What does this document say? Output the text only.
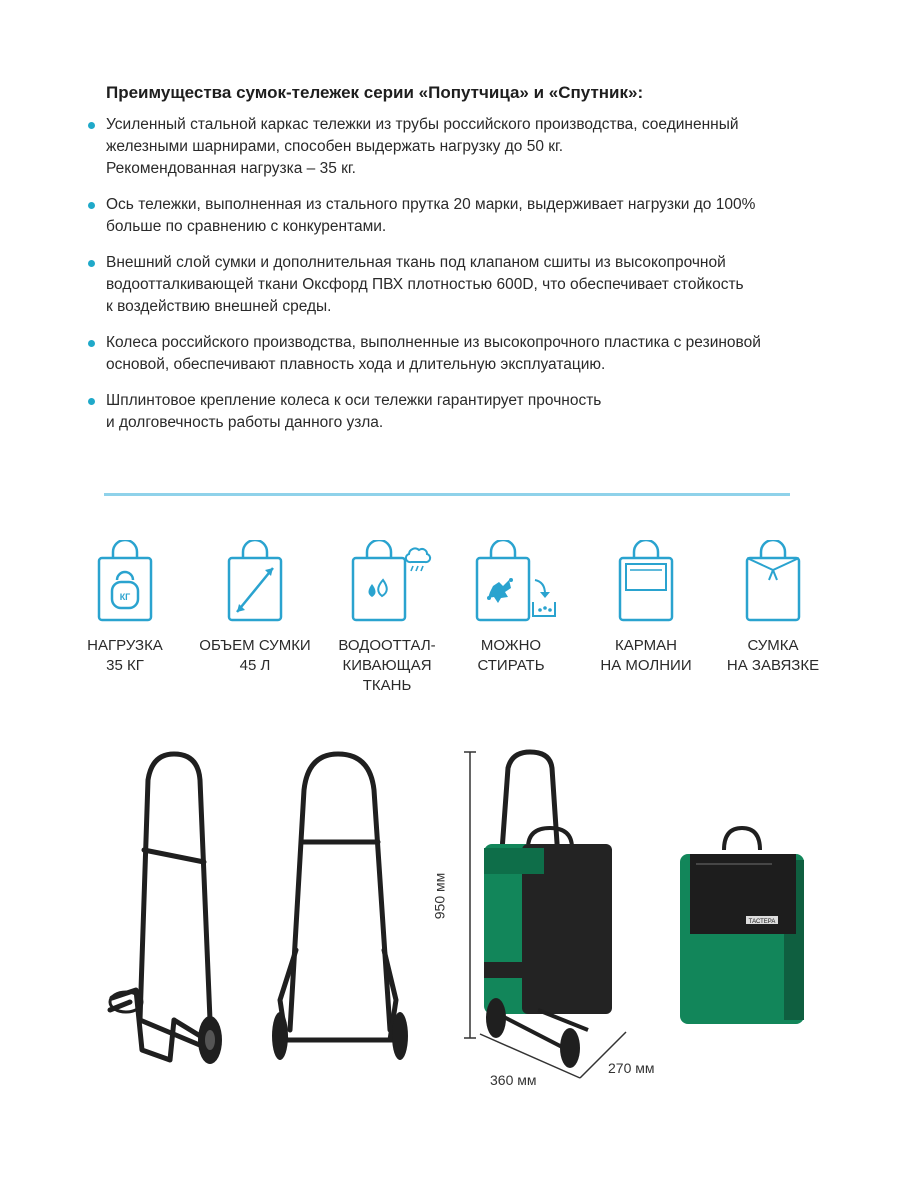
Преимущества сумок-тележек серии «Попутчица» и «Спутник»:
Усиленный стальной каркас тележки из трубы российского производства, соединенный
железными шарнирами, способен выдержать нагрузку до 50 кг.
Рекомендованная нагрузка – 35 кг.
Ось тележки, выполненная из стального прутка 20 марки, выдерживает нагрузки до 100%
больше по сравнению с конкурентами.
Внешний слой сумки и дополнительная ткань под клапаном сшиты из высокопрочной
водоотталкивающей ткани Оксфорд ПВХ плотностью 600D, что обеспечивает стойкость
к воздействию внешней среды.
Колеса российского производства, выполненные из высокопрочного пластика с резиновой
основой, обеспечивают плавность хода и длительную эксплуатацию.
Шплинтовое крепление колеса к оси тележки гарантирует прочность
и долговечность работы данного узла.
КГ
НАГРУЗКА
35 КГ
ОБЪЕМ СУМКИ
45 Л
ВОДООТТАЛ-
КИВАЮЩАЯ
ТКАНЬ
МОЖНО
СТИРАТЬ
КАРМАН
НА МОЛНИИ
СУМКА
НА ЗАВЯЗКЕ
950 мм
360 мм
270 мм
ТАСТЕРА
